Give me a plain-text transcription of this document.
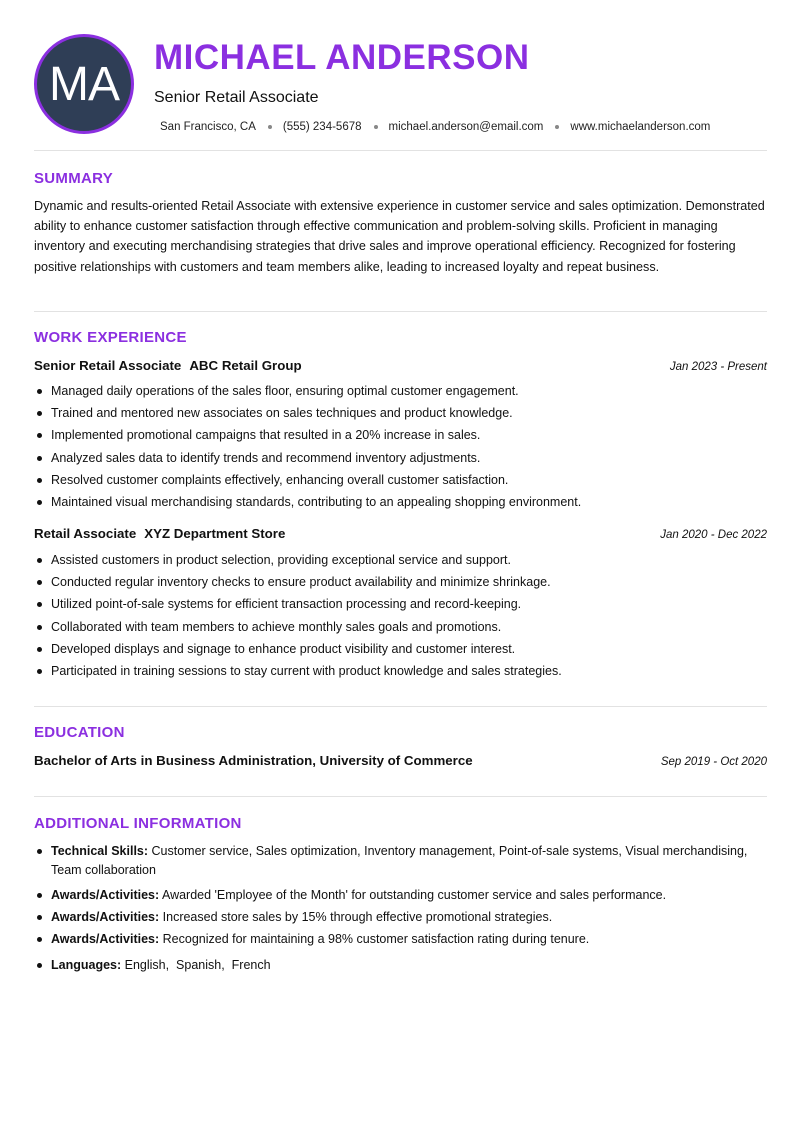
MA MICHAEL ANDERSON
Senior Retail Associate
San Francisco, CA (555) 234-5678 michael.anderson@email.com www.michaelanderson.com
SUMMARY
Dynamic and results-oriented Retail Associate with extensive experience in customer service and sales optimization. Demonstrated ability to enhance customer satisfaction through effective communication and problem-solving skills. Proficient in managing inventory and executing merchandising strategies that drive sales and improve operational efficiency. Recognized for fostering positive relationships with customers and team members alike, leading to increased loyalty and repeat business.
WORK EXPERIENCE
Senior Retail Associate ABC Retail Group	Jan 2023 - Present
Managed daily operations of the sales floor, ensuring optimal customer engagement.
Trained and mentored new associates on sales techniques and product knowledge.
Implemented promotional campaigns that resulted in a 20% increase in sales.
Analyzed sales data to identify trends and recommend inventory adjustments.
Resolved customer complaints effectively, enhancing overall customer satisfaction.
Maintained visual merchandising standards, contributing to an appealing shopping environment.
Retail Associate XYZ Department Store	Jan 2020 - Dec 2022
Assisted customers in product selection, providing exceptional service and support.
Conducted regular inventory checks to ensure product availability and minimize shrinkage.
Utilized point-of-sale systems for efficient transaction processing and record-keeping.
Collaborated with team members to achieve monthly sales goals and promotions.
Developed displays and signage to enhance product visibility and customer interest.
Participated in training sessions to stay current with product knowledge and sales strategies.
EDUCATION
Bachelor of Arts in Business Administration, University of Commerce	Sep 2019 - Oct 2020
ADDITIONAL INFORMATION
Technical Skills: Customer service, Sales optimization, Inventory management, Point-of-sale systems, Visual merchandising, Team collaboration
Awards/Activities: Awarded 'Employee of the Month' for outstanding customer service and sales performance.
Awards/Activities: Increased store sales by 15% through effective promotional strategies.
Awards/Activities: Recognized for maintaining a 98% customer satisfaction rating during tenure.
Languages: English,  Spanish,  French
